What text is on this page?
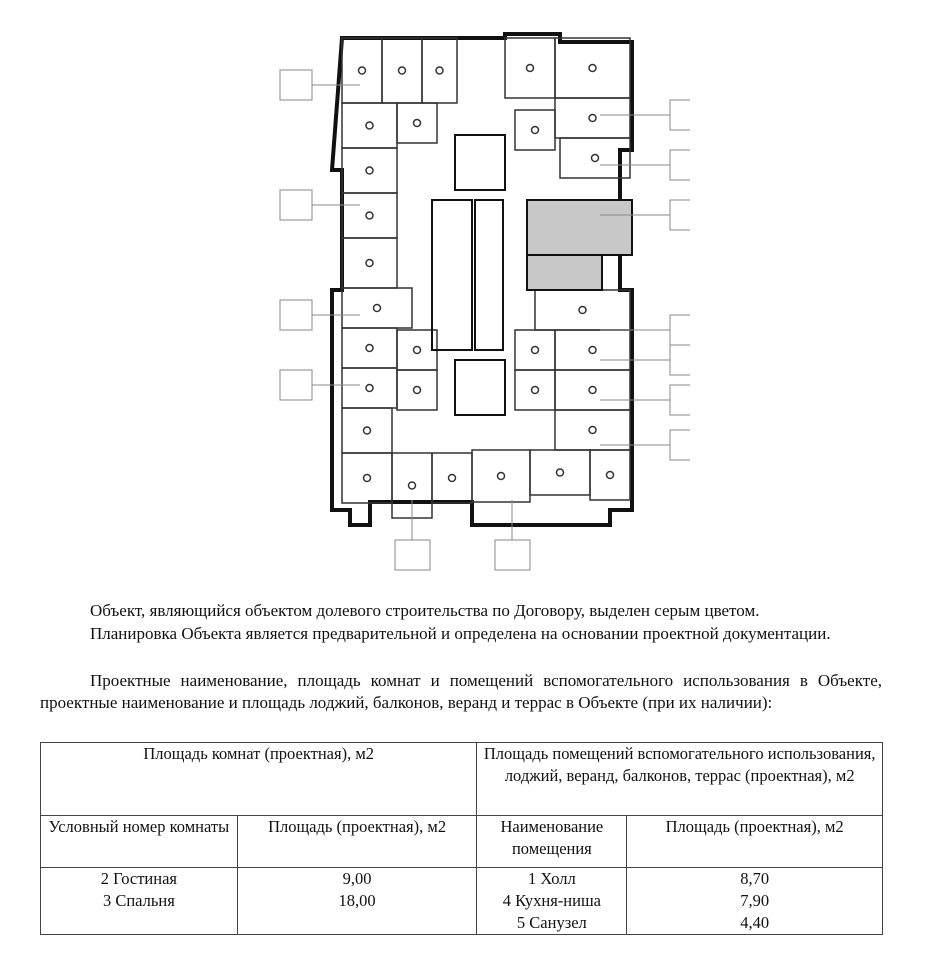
Объект, являющийся объектом долевого строительства по Договору, выделен серым цветом.
Планировка Объекта является предварительной и определена на основании проектной документации.
Проектные наименование, площадь комнат и помещений вспомогательного использования в Объекте, проектные наименование и площадь лоджий, балконов, веранд и террас в Объекте (при их наличии):
Площадь комнат (проектная), м2		Площадь помещений вспомогательного использования, лоджий, веранд, балконов, террас (проектная), м2	
Условный номер комнаты	Площадь (проектная), м2	Наименование помещения	Площадь (проектная), м2
2 Гостиная	9,00	1 Холл	8,70
3 Спальня	18,00	4 Кухня-ниша	7,90
		5 Санузел	4,40
